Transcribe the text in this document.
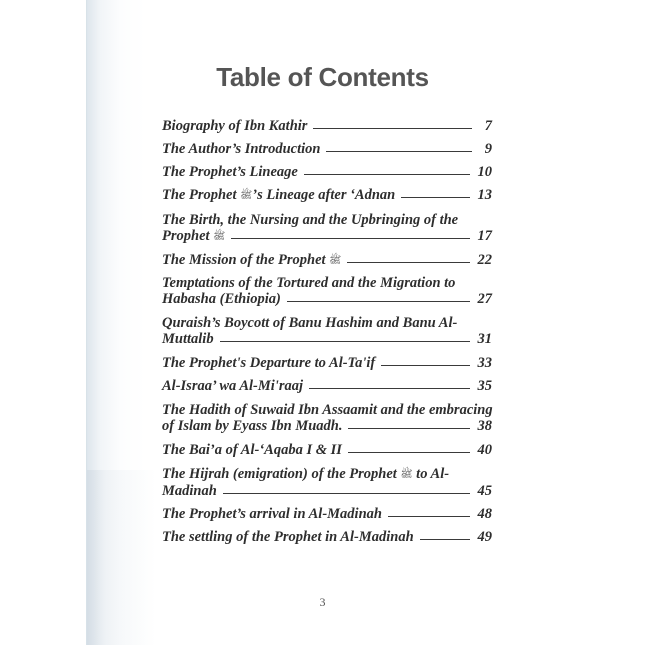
Table of Contents
Biography of Ibn Kathir	7
The Author’s Introduction	9
The Prophet’s Lineage	10
The Prophet ﷺ’s Lineage after ‘Adnan	13
The Birth, the Nursing and the Upbringing of the
Prophet ﷺ	17
The Mission of the Prophet ﷺ	22
Temptations of the Tortured and the Migration to
Habasha (Ethiopia)	27
Quraish’s Boycott of Banu Hashim and Banu Al-
Muttalib	31
The Prophet's Departure to Al-Ta'if	33
Al-Israa’ wa Al-Mi'raaj	35
The Hadith of Suwaid Ibn Assaamit and the embracing
of Islam by Eyass Ibn Muadh.	38
The Bai’a of Al-‘Aqaba I & II	40
The Hijrah (emigration) of the Prophet ﷺ to Al-
Madinah	45
The Prophet’s arrival in Al-Madinah	48
The settling of the Prophet in Al-Madinah	49
3
